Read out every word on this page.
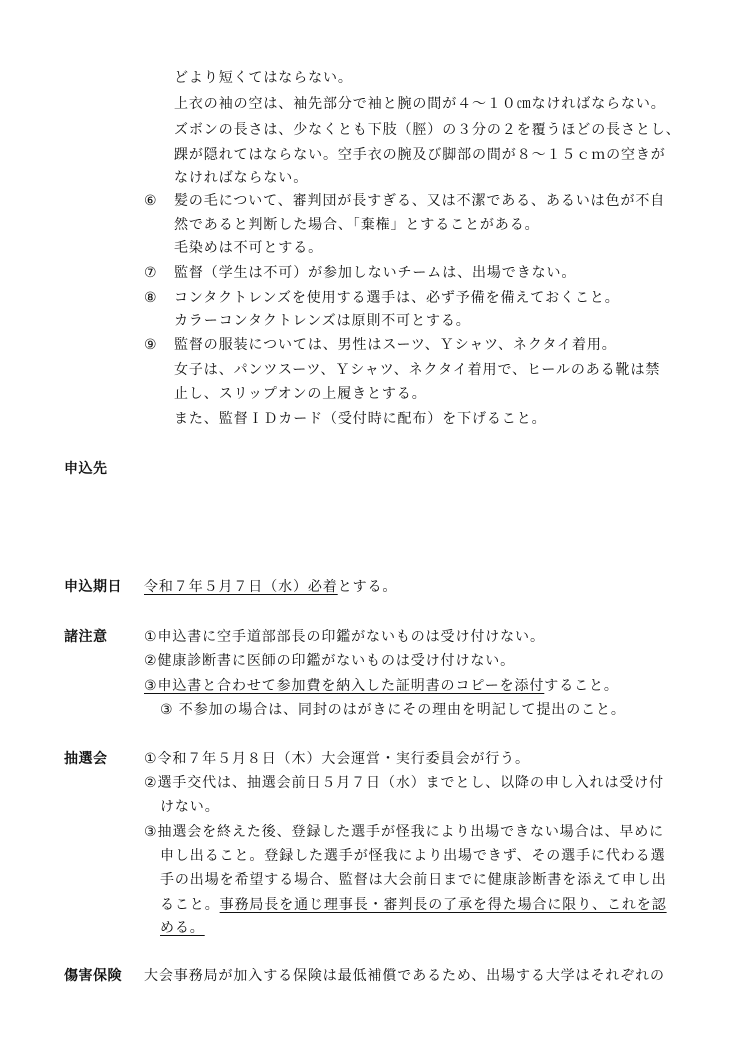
どより短くてはならない。
上衣の袖の空は、袖先部分で袖と腕の間が４～１０㎝なければならない。
ズボンの長さは、少なくとも下肢（脛）の３分の２を覆うほどの長さとし、
踝が隠れてはならない。空手衣の腕及び脚部の間が８～１５ｃｍの空きが
なければならない。
⑥ 髪の毛について、審判団が長すぎる、又は不潔である、あるいは色が不自
然であると判断した場合、「棄権」とすることがある。
毛染めは不可とする。
⑦ 監督（学生は不可）が参加しないチームは、出場できない。
⑧ コンタクトレンズを使用する選手は、必ず予備を備えておくこと。
カラーコンタクトレンズは原則不可とする。
⑨ 監督の服装については、男性はスーツ、Ｙシャツ、ネクタイ着用。
女子は、パンツスーツ、Ｙシャツ、ネクタイ着用で、ヒールのある靴は禁
止し、スリップオンの上履きとする。
また、監督ＩＤカード（受付時に配布）を下げること。
申込先
申込期日 令和７年５月７日（水）必着とする。
諸注意	①申込書に空手道部部長の印鑑がないものは受け付けない。
②健康診断書に医師の印鑑がないものは受け付けない。
③申込書と合わせて参加費を納入した証明書のコピーを添付すること。
③ 不参加の場合は、同封のはがきにその理由を明記して提出のこと。
抽選会	①令和７年５月８日（木）大会運営・実行委員会が行う。
②選手交代は、抽選会前日５月７日（水）までとし、以降の申し入れは受け付
けない。
③抽選会を終えた後、登録した選手が怪我により出場できない場合は、早めに
申し出ること。登録した選手が怪我により出場できず、その選手に代わる選
手の出場を希望する場合、監督は大会前日までに健康診断書を添えて申し出
ること。事務局長を通じ理事長・審判長の了承を得た場合に限り、これを認
める。
傷害保険 大会事務局が加入する保険は最低補償であるため、出場する大学はそれぞれの
